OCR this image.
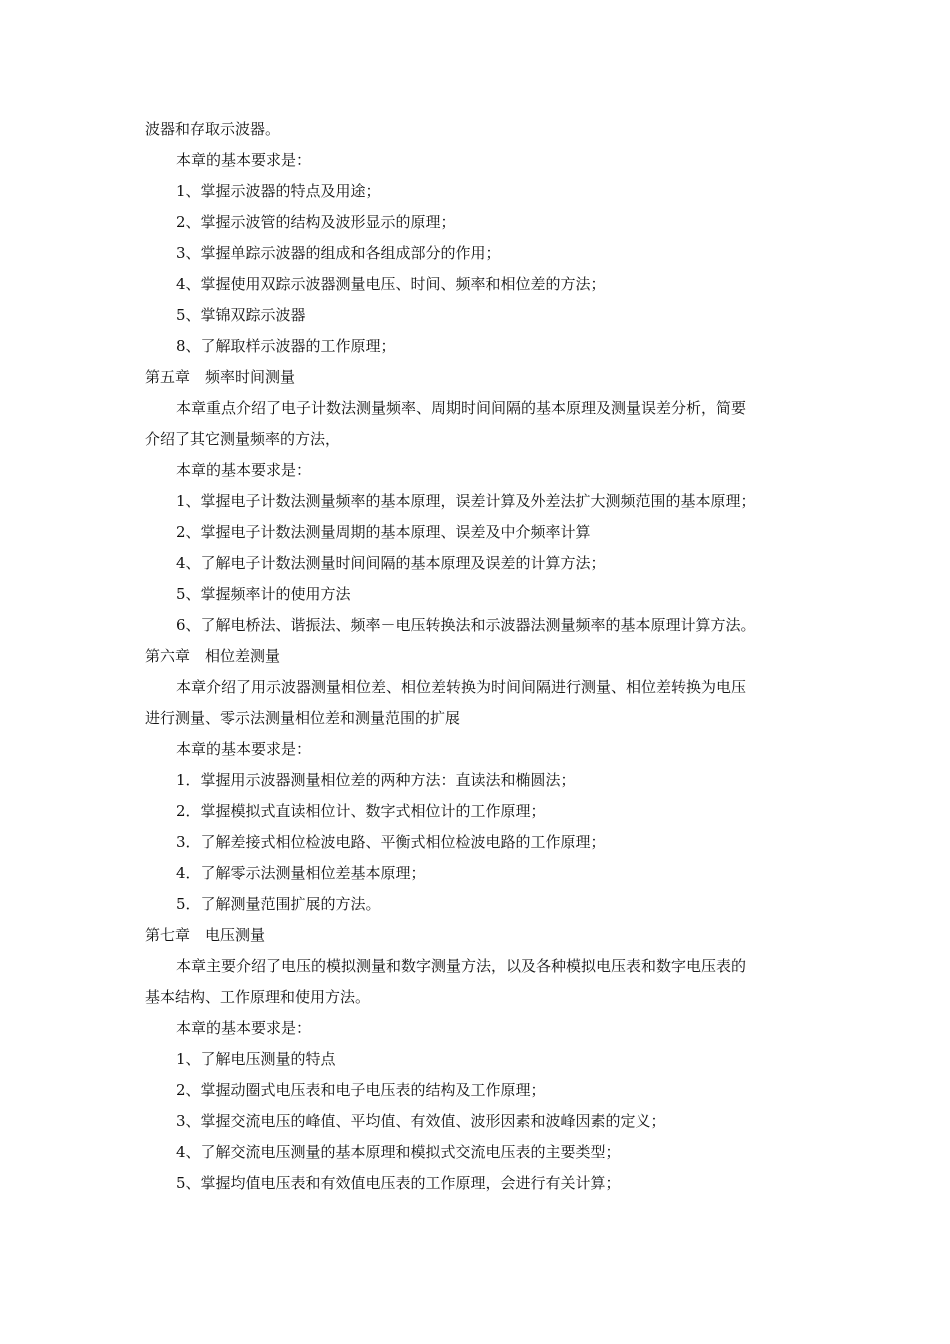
波器和存取示波器。
本章的基本要求是：
1、掌握示波器的特点及用途；
2、掌握示波管的结构及波形显示的原理；
3、掌握单踪示波器的组成和各组成部分的作用；
4、掌握使用双踪示波器测量电压、时间、频率和相位差的方法；
5、掌锦双踪示波器
8、了解取样示波器的工作原理；
第五章　频率时间测量
本章重点介绍了电子计数法测量频率、周期时间间隔的基本原理及测量误差分析，简要
介绍了其它测量频率的方法，
本章的基本要求是：
1、掌握电子计数法测量频率的基本原理，误差计算及外差法扩大测频范围的基本原理；
2、掌握电子计数法测量周期的基本原理、误差及中介频率计算
4、了解电子计数法测量时间间隔的基本原理及误差的计算方法；
5、掌握频率计的使用方法
6、了解电桥法、谐振法、频率－电压转换法和示波器法测量频率的基本原理计算方法。
第六章　相位差测量
本章介绍了用示波器测量相位差、相位差转换为时间间隔进行测量、相位差转换为电压
进行测量、零示法测量相位差和测量范围的扩展
本章的基本要求是：
1．掌握用示波器测量相位差的两种方法：直读法和椭圆法；
2．掌握模拟式直读相位计、数字式相位计的工作原理；
3．了解差接式相位检波电路、平衡式相位检波电路的工作原理；
4．了解零示法测量相位差基本原理；
5．了解测量范围扩展的方法。
第七章　电压测量
本章主要介绍了电压的模拟测量和数字测量方法，以及各种模拟电压表和数字电压表的
基本结构、工作原理和使用方法。
本章的基本要求是：
1、了解电压测量的特点
2、掌握动圈式电压表和电子电压表的结构及工作原理；
3、掌握交流电压的峰值、平均值、有效值、波形因素和波峰因素的定义；
4、了解交流电压测量的基本原理和模拟式交流电压表的主要类型；
5、掌握均值电压表和有效值电压表的工作原理，会进行有关计算；
